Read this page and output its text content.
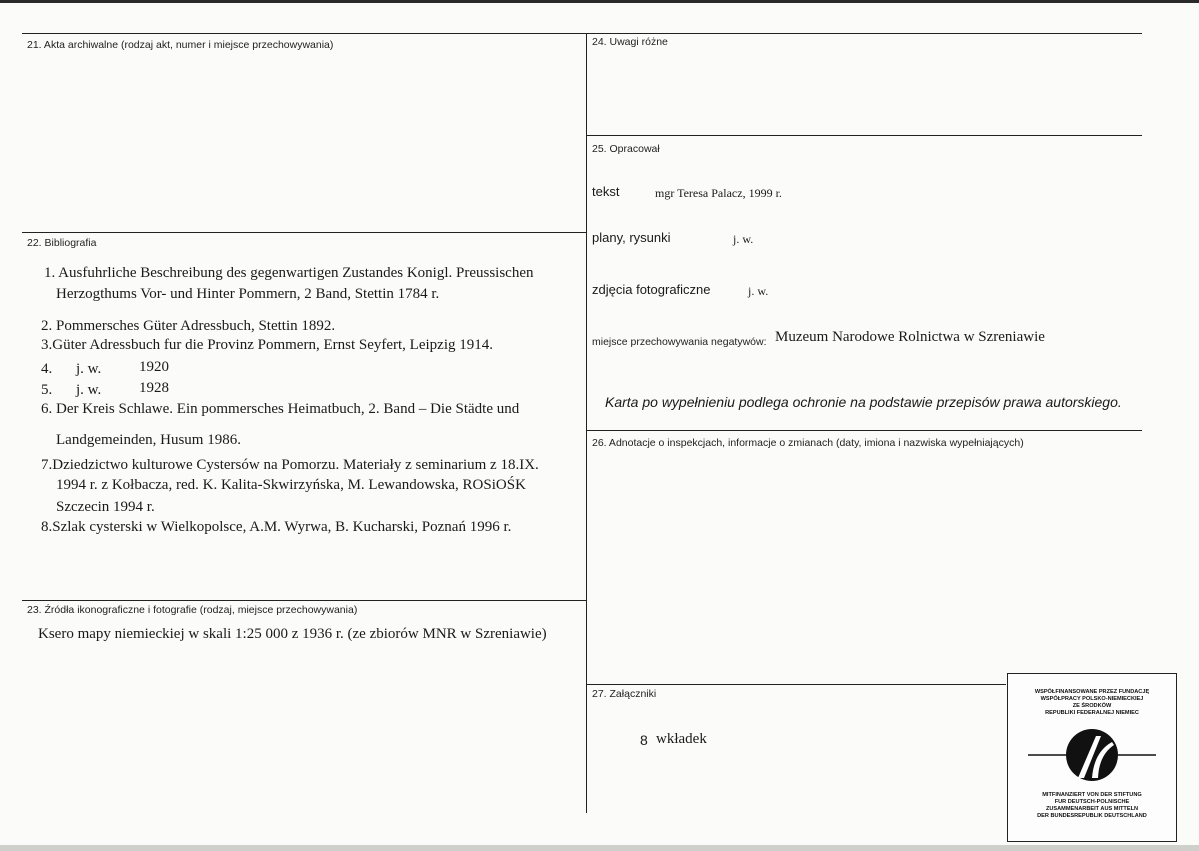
21. Akta archiwalne (rodzaj akt, numer i miejsce przechowywania)
22. Bibliografia
1. Ausfuhrliche Beschreibung des gegenwartigen Zustandes Konigl. Preussischen
Herzogthums Vor- und Hinter Pommern, 2 Band, Stettin 1784 r.
2. Pommersches Güter Adressbuch, Stettin 1892.
3.Güter Adressbuch fur die Provinz Pommern, Ernst Seyfert, Leipzig 1914.
4. j. w.	1920
5. j. w.	1928
6. Der Kreis Schlawe. Ein pommersches Heimatbuch, 2. Band – Die Städte und
Landgemeinden, Husum 1986.
7.Dziedzictwo kulturowe Cystersów na Pomorzu. Materiały z seminarium z 18.IX.
1994 r. z Kołbacza, red. K. Kalita-Skwirzyńska, M. Lewandowska, ROSiOŚK
Szczecin 1994 r.
8.Szlak cysterski w Wielkopolsce, A.M. Wyrwa, B. Kucharski, Poznań 1996 r.
23. Źródła ikonograficzne i fotografie (rodzaj, miejsce przechowywania)
Ksero mapy niemieckiej w skali 1:25 000 z 1936 r. (ze zbiorów MNR w Szreniawie)
24. Uwagi różne
25. Opracował
tekst	mgr Teresa Palacz, 1999 r.
plany, rysunki	j. w.
zdjęcia fotograficzne	j. w.
miejsce przechowywania negatywów: Muzeum Narodowe Rolnictwa w Szreniawie
Karta po wypełnieniu podlega ochronie na podstawie przepisów prawa autorskiego.
26. Adnotacje o inspekcjach, informacje o zmianach (daty, imiona i nazwiska wypełniających)
27. Załączniki
8 wkładek
WSPÓŁFINANSOWANE PRZEZ FUNDACJĘ
WSPÓŁPRACY POLSKO-NIEMIECKIEJ
ZE ŚRODKÓW
REPUBLIKI FEDERALNEJ NIEMIEC
MITFINANZIERT VON DER STIFTUNG
FUR DEUTSCH-POLNISCHE
ZUSAMMENARBEIT AUS MITTELN
DER BUNDESREPUBLIK DEUTSCHLAND
